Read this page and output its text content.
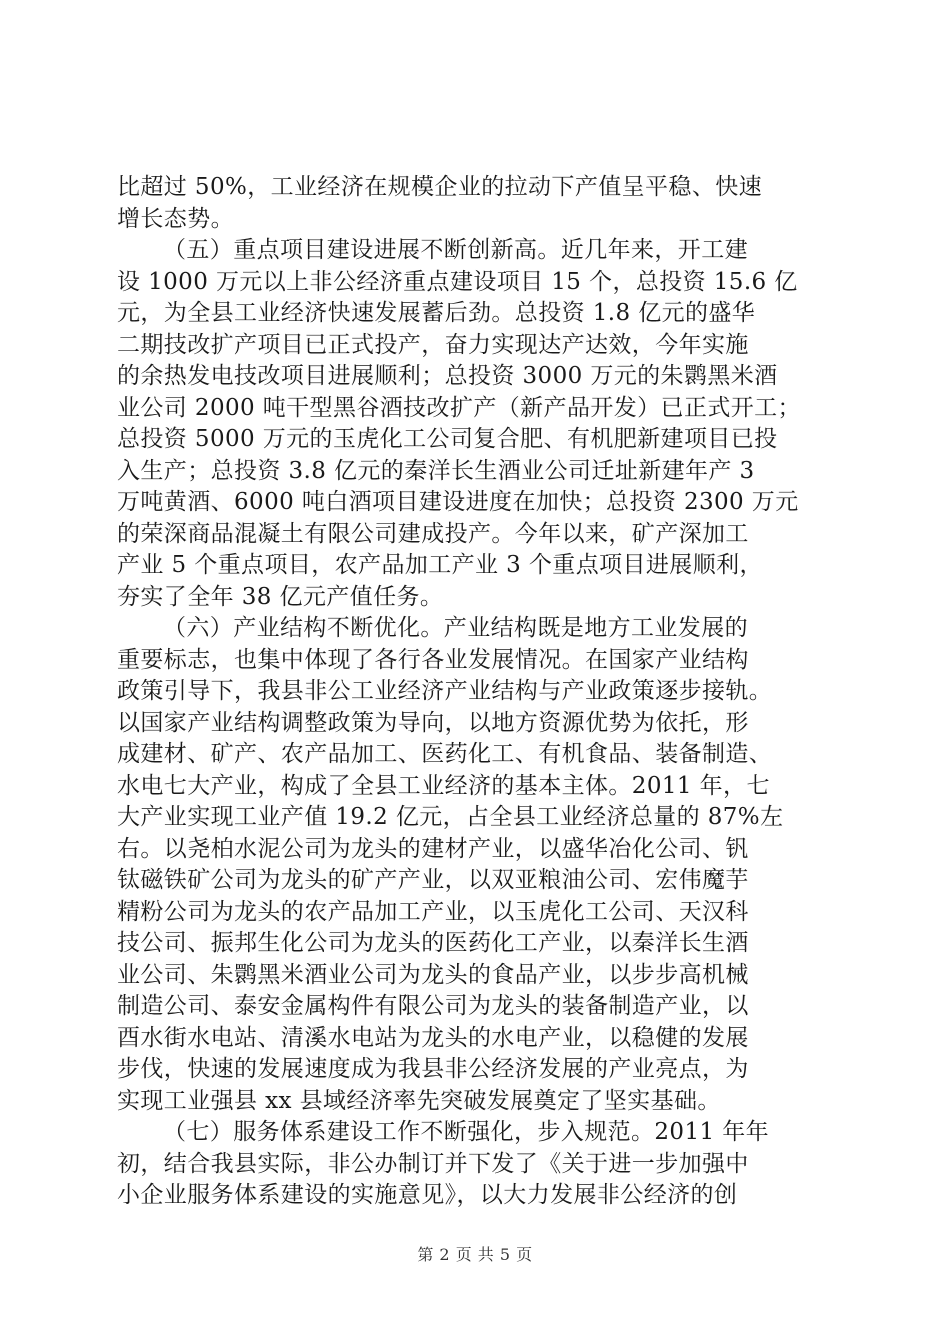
比超过 50%，工业经济在规模企业的拉动下产值呈平稳、快速
增长态势。
（五）重点项目建设进展不断创新高。近几年来，开工建
设 1000 万元以上非公经济重点建设项目 15 个，总投资 15.6 亿
元，为全县工业经济快速发展蓄后劲。总投资 1.8 亿元的盛华
二期技改扩产项目已正式投产，奋力实现达产达效，今年实施
的余热发电技改项目进展顺利；总投资 3000 万元的朱鹮黑米酒
业公司 2000 吨干型黑谷酒技改扩产（新产品开发）已正式开工；
总投资 5000 万元的玉虎化工公司复合肥、有机肥新建项目已投
入生产；总投资 3.8 亿元的秦洋长生酒业公司迁址新建年产 3
万吨黄酒、6000 吨白酒项目建设进度在加快；总投资 2300 万元
的荣深商品混凝土有限公司建成投产。今年以来，矿产深加工
产业 5 个重点项目，农产品加工产业 3 个重点项目进展顺利，
夯实了全年 38 亿元产值任务。
（六）产业结构不断优化。产业结构既是地方工业发展的
重要标志，也集中体现了各行各业发展情况。在国家产业结构
政策引导下，我县非公工业经济产业结构与产业政策逐步接轨。
以国家产业结构调整政策为导向，以地方资源优势为依托，形
成建材、矿产、农产品加工、医药化工、有机食品、装备制造、
水电七大产业，构成了全县工业经济的基本主体。2011 年，七
大产业实现工业产值 19.2 亿元，占全县工业经济总量的 87%左
右。以尧柏水泥公司为龙头的建材产业，以盛华冶化公司、钒
钛磁铁矿公司为龙头的矿产产业，以双亚粮油公司、宏伟魔芋
精粉公司为龙头的农产品加工产业，以玉虎化工公司、天汉科
技公司、振邦生化公司为龙头的医药化工产业，以秦洋长生酒
业公司、朱鹮黑米酒业公司为龙头的食品产业，以步步高机械
制造公司、泰安金属构件有限公司为龙头的装备制造产业，以
酉水街水电站、清溪水电站为龙头的水电产业，以稳健的发展
步伐，快速的发展速度成为我县非公经济发展的产业亮点，为
实现工业强县 xx 县域经济率先突破发展奠定了坚实基础。
（七）服务体系建设工作不断强化，步入规范。2011 年年
初，结合我县实际，非公办制订并下发了《关于进一步加强中
小企业服务体系建设的实施意见》，以大力发展非公经济的创
第 2 页 共 5 页
